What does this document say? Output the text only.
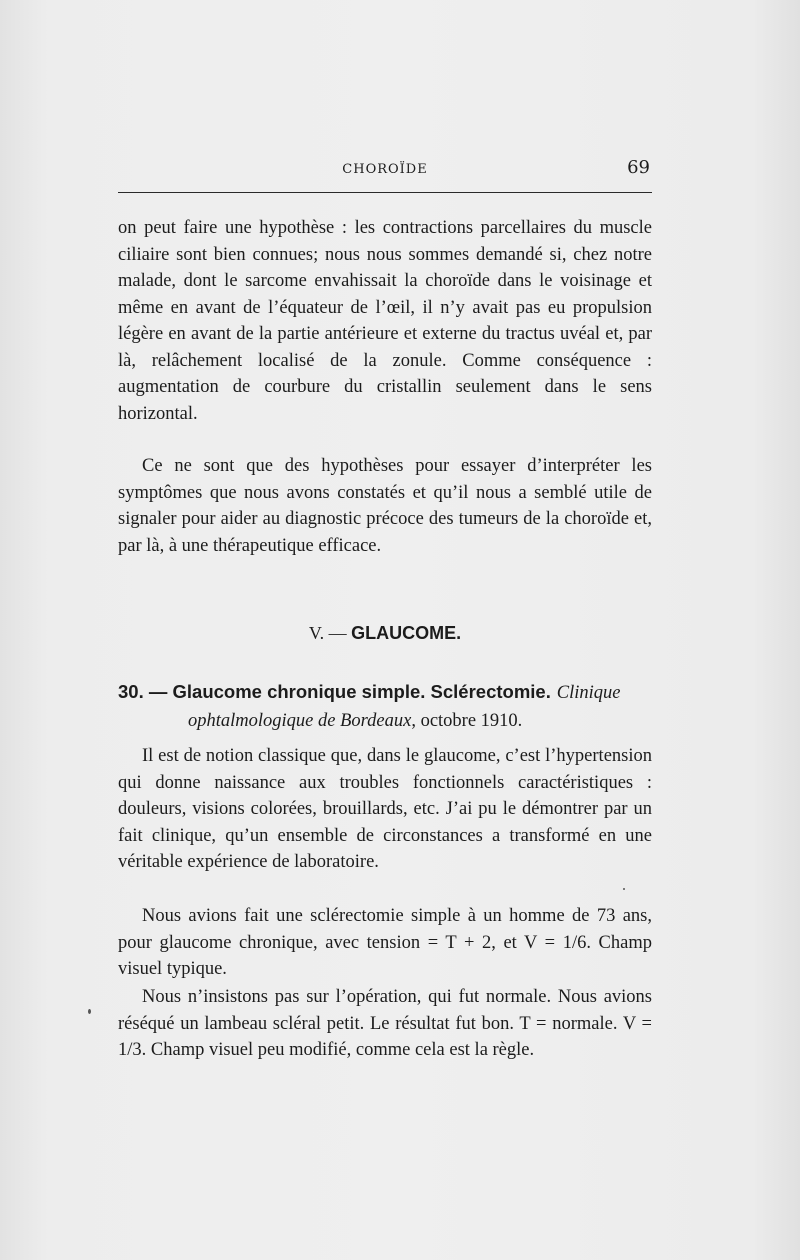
CHOROÏDE	69

on peut faire une hypothèse : les contractions parcellaires du muscle ciliaire sont bien connues; nous nous sommes demandé si, chez notre malade, dont le sarcome envahissait la choroïde dans le voisinage et même en avant de l’équateur de l’œil, il n’y avait pas eu propulsion légère en avant de la partie antérieure et externe du tractus uvéal et, par là, relâchement localisé de la zonule. Comme conséquence : augmentation de courbure du cristallin seulement dans le sens horizontal.

Ce ne sont que des hypothèses pour essayer d’interpréter les symptômes que nous avons constatés et qu’il nous a semblé utile de signaler pour aider au diagnostic précoce des tumeurs de la choroïde et, par là, à une thérapeutique efficace.

V. — GLAUCOME.
30. — Glaucome chronique simple. Sclérectomie. Clinique ophtalmologique de Bordeaux, octobre 1910.

Il est de notion classique que, dans le glaucome, c’est l’hypertension qui donne naissance aux troubles fonctionnels caractéristiques : douleurs, visions colorées, brouillards, etc. J’ai pu le démontrer par un fait clinique, qu’un ensemble de circonstances a transformé en une véritable expérience de laboratoire.

Nous avions fait une sclérectomie simple à un homme de 73 ans, pour glaucome chronique, avec tension = T + 2, et V = 1/6. Champ visuel typique.

Nous n’insistons pas sur l’opération, qui fut normale. Nous avions réséqué un lambeau scléral petit. Le résultat fut bon. T = normale. V = 1/3. Champ visuel peu modifié, comme cela est la règle.
